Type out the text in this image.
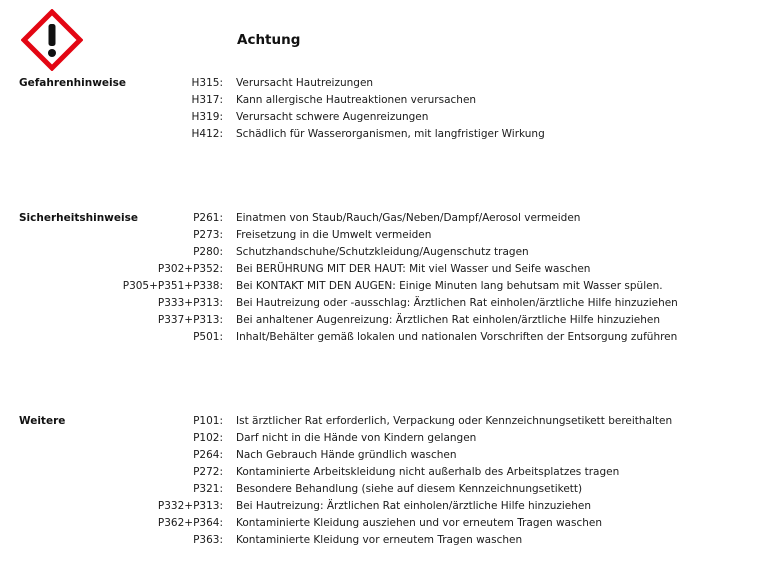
Achtung
Gefahrenhinweise	H315: Verursacht Hautreizungen
H317: Kann allergische Hautreaktionen verursachen
H319: Verursacht schwere Augenreizungen
H412: Schädlich für Wasserorganismen, mit langfristiger Wirkung
Sicherheitshinweise	P261: Einatmen von Staub/Rauch/Gas/Neben/Dampf/Aerosol vermeiden
P273: Freisetzung in die Umwelt vermeiden
P280: Schutzhandschuhe/Schutzkleidung/Augenschutz tragen
P302+P352: Bei BERÜHRUNG MIT DER HAUT: Mit viel Wasser und Seife waschen
P305+P351+P338: Bei KONTAKT MIT DEN AUGEN: Einige Minuten lang behutsam mit Wasser spülen.
P333+P313: Bei Hautreizung oder -ausschlag: Ärztlichen Rat einholen/ärztliche Hilfe hinzuziehen
P337+P313: Bei anhaltener Augenreizung: Ärztlichen Rat einholen/ärztliche Hilfe hinzuziehen
P501: Inhalt/Behälter gemäß lokalen und nationalen Vorschriften der Entsorgung zuführen
Weitere	P101: Ist ärztlicher Rat erforderlich, Verpackung oder Kennzeichnungsetikett bereithalten
P102: Darf nicht in die Hände von Kindern gelangen
P264: Nach Gebrauch Hände gründlich waschen
P272: Kontaminierte Arbeitskleidung nicht außerhalb des Arbeitsplatzes tragen
P321: Besondere Behandlung (siehe auf diesem Kennzeichnungsetikett)
P332+P313: Bei Hautreizung: Ärztlichen Rat einholen/ärztliche Hilfe hinzuziehen
P362+P364: Kontaminierte Kleidung ausziehen und vor erneutem Tragen waschen
P363: Kontaminierte Kleidung vor erneutem Tragen waschen
